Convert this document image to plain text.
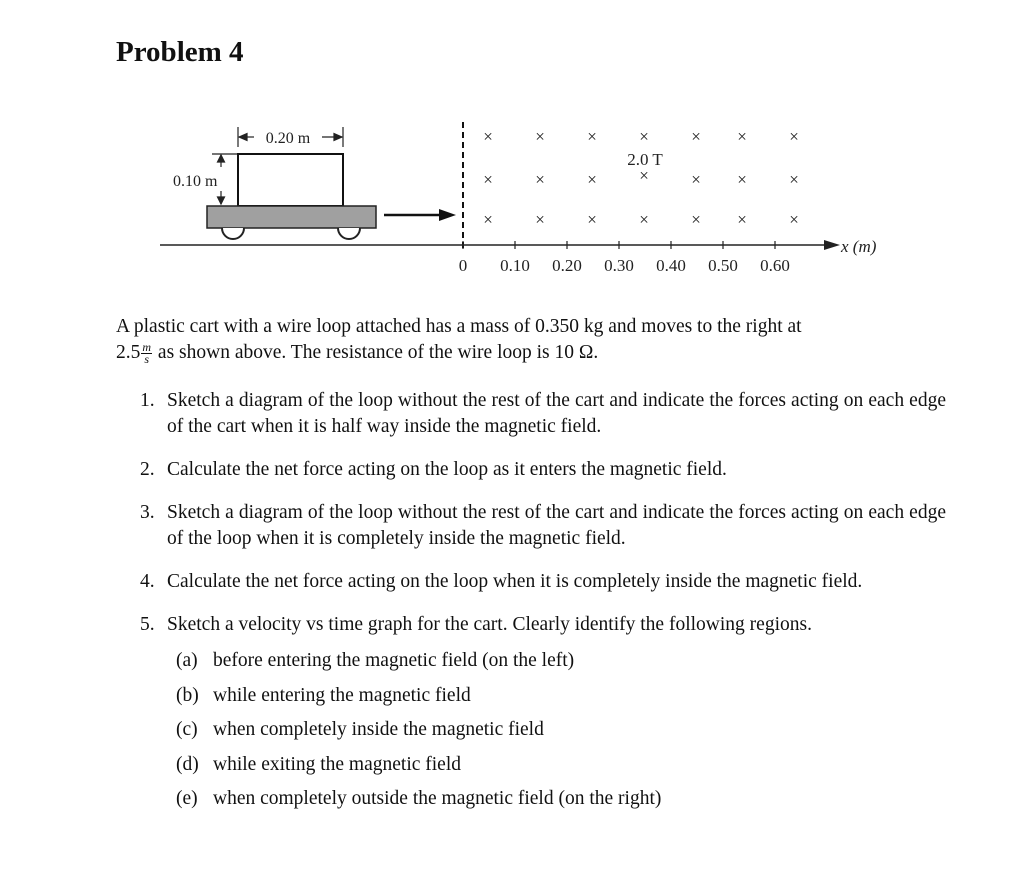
Problem 4
0.20 m
0.10 m
x (m)
0 0.10 0.20 0.30 0.40 0.50 0.60
2.0 T
× × × × × × ×
× × × × × × ×
× × × × × × ×

A plastic cart with a wire loop attached has a mass of 0.350 kg and moves to the right at
$2.5 \frac{m}{s}$ as shown above. The resistance of the wire loop is 10 Ω.

1. Sketch a diagram of the loop without the rest of the cart and indicate the forces acting on each edge of the cart when it is half way inside the magnetic field.
2. Calculate the net force acting on the loop as it enters the magnetic field.
3. Sketch a diagram of the loop without the rest of the cart and indicate the forces acting on each edge of the loop when it is completely inside the magnetic field.
4. Calculate the net force acting on the loop when it is completely inside the magnetic field.
5. Sketch a velocity vs time graph for the cart. Clearly identify the following regions.
(a) before entering the magnetic field (on the left)
(b) while entering the magnetic field
(c) when completely inside the magnetic field
(d) while exiting the magnetic field
(e) when completely outside the magnetic field (on the right)
